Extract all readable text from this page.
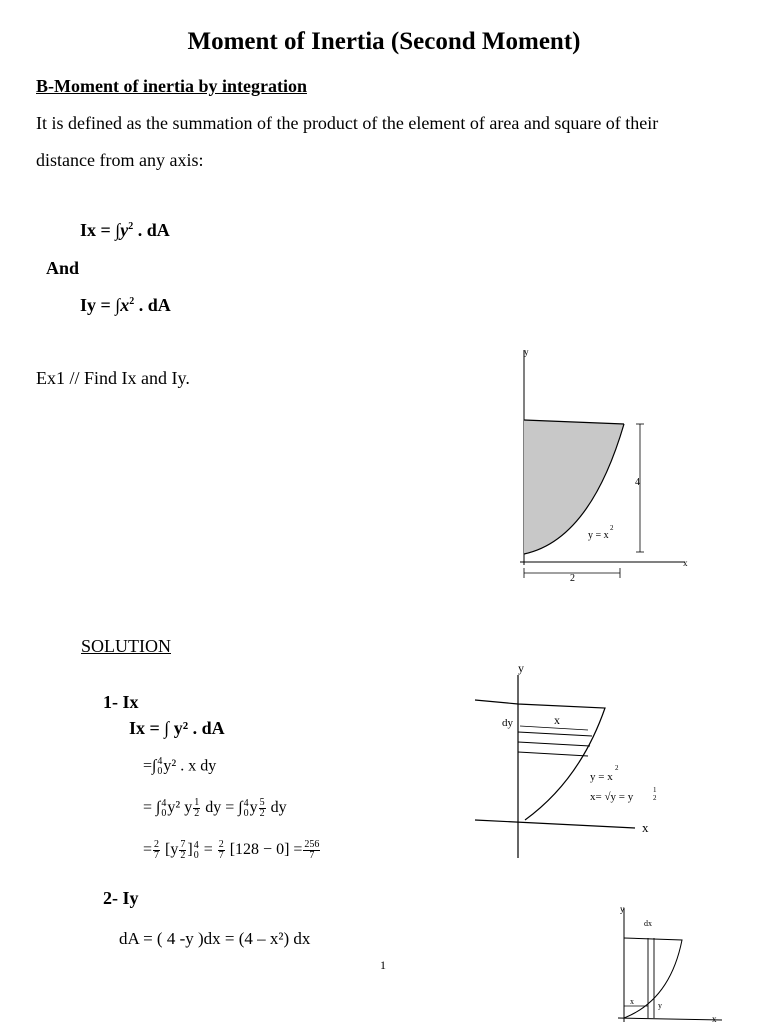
Moment of Inertia (Second Moment)
B-Moment of inertia by integration
It is defined as the summation of the product of the element of area and square of their
distance from any axis:
$Ix = \int y^2$ . dA
And
$Iy = \int x^2$ . dA
Ex1 // Find Ix and Iy.
y
x
4
2
y = x
2
SOLUTION
1- Ix
Ix = ∫ y² . dA
=∫ 4
0 y² . x dy
= ∫ 4
0 y² y $\frac{1}{2}$ dy = ∫ 4
0 y $\frac{5}{2}$ dy
= $\frac{2}{7} [y \frac{7}{2}$ ] 4
$0 = \frac{2}{7} [128 - 0] = \frac{256}{7}$
y
x
dy	x
y = x
2
x= √y = y
1
2
2- Iy
dA = ( 4 -y )dx = (4 – x²) dx
y
x
dx
x	y
1
